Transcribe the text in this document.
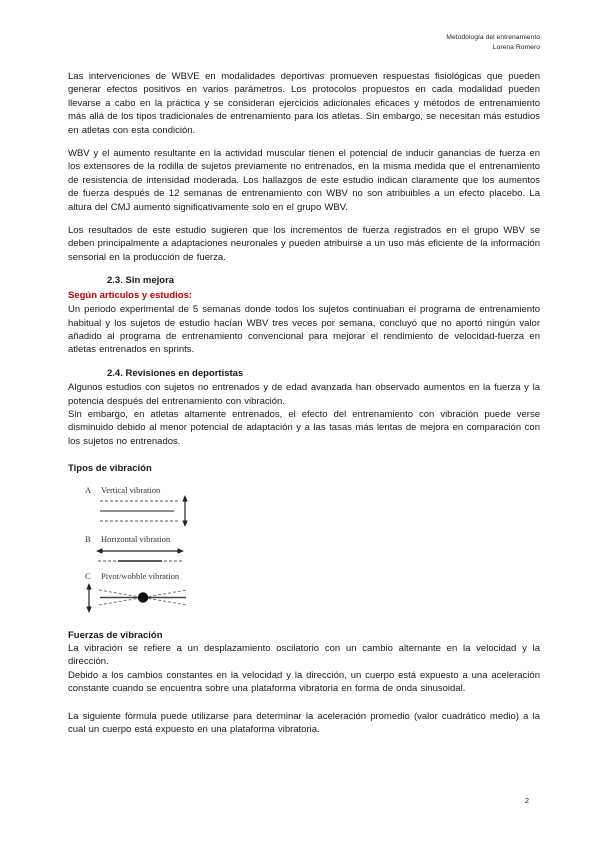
Metodología del entrenamiento
Lorena Romero

Las intervenciones de WBVE en modalidades deportivas promueven respuestas fisiológicas que pueden generar efectos positivos en varios parámetros. Los protocolos propuestos en cada modalidad pueden llevarse a cabo en la práctica y se consideran ejercicios adicionales eficaces y métodos de entrenamiento más allá de los tipos tradicionales de entrenamiento para los atletas. Sin embargo, se necesitan más estudios en atletas con esta condición.

WBV y el aumento resultante en la actividad muscular tienen el potencial de inducir ganancias de fuerza en los extensores de la rodilla de sujetos previamente no entrenados, en la misma medida que el entrenamiento de resistencia de intensidad moderada. Los hallazgos de este estudio indican claramente que los aumentos de fuerza después de 12 semanas de entrenamiento con WBV no son atribuibles a un efecto placebo. La altura del CMJ aumentó significativamente solo en el grupo WBV.

Los resultados de este estudio sugieren que los incrementos de fuerza registrados en el grupo WBV se deben principalmente a adaptaciones neuronales y pueden atribuirse a un uso más eficiente de la información sensorial en la producción de fuerza.

2.3. Sin mejora
Según artículos y estudios:

Un periodo experimental de 5 semanas donde todos los sujetos continuaban el programa de entrenamiento habitual y los sujetos de estudio hacían WBV tres veces por semana, concluyó que no aportó ningún valor añadido al programa de entrenamiento convencional para mejorar el rendimiento de velocidad-fuerza en atletas entrenados en sprints.

2.4. Revisiones en deportistas

Algunos estudios con sujetos no entrenados y de edad avanzada han observado aumentos en la fuerza y la potencia después del entrenamiento con vibración.

Sin embargo, en atletas altamente entrenados, el efecto del entrenamiento con vibración puede verse disminuido debido al menor potencial de adaptación y a las tasas más lentas de mejora en comparación con los sujetos no entrenados.

Tipos de vibración
A Vertical vibration
B Horizontal vibration
C Pivot/wobble vibration
Fuerzas de vibración

La vibración se refiere a un desplazamiento oscilatorio con un cambio alternante en la velocidad y la dirección.

Debido a los cambios constantes en la velocidad y la dirección, un cuerpo está expuesto a una aceleración constante cuando se encuentra sobre una plataforma vibratoria en forma de onda sinusoidal.

La siguiente fórmula puede utilizarse para determinar la aceleración promedio (valor cuadrático medio) a la cual un cuerpo está expuesto en una plataforma vibratoria.

2
